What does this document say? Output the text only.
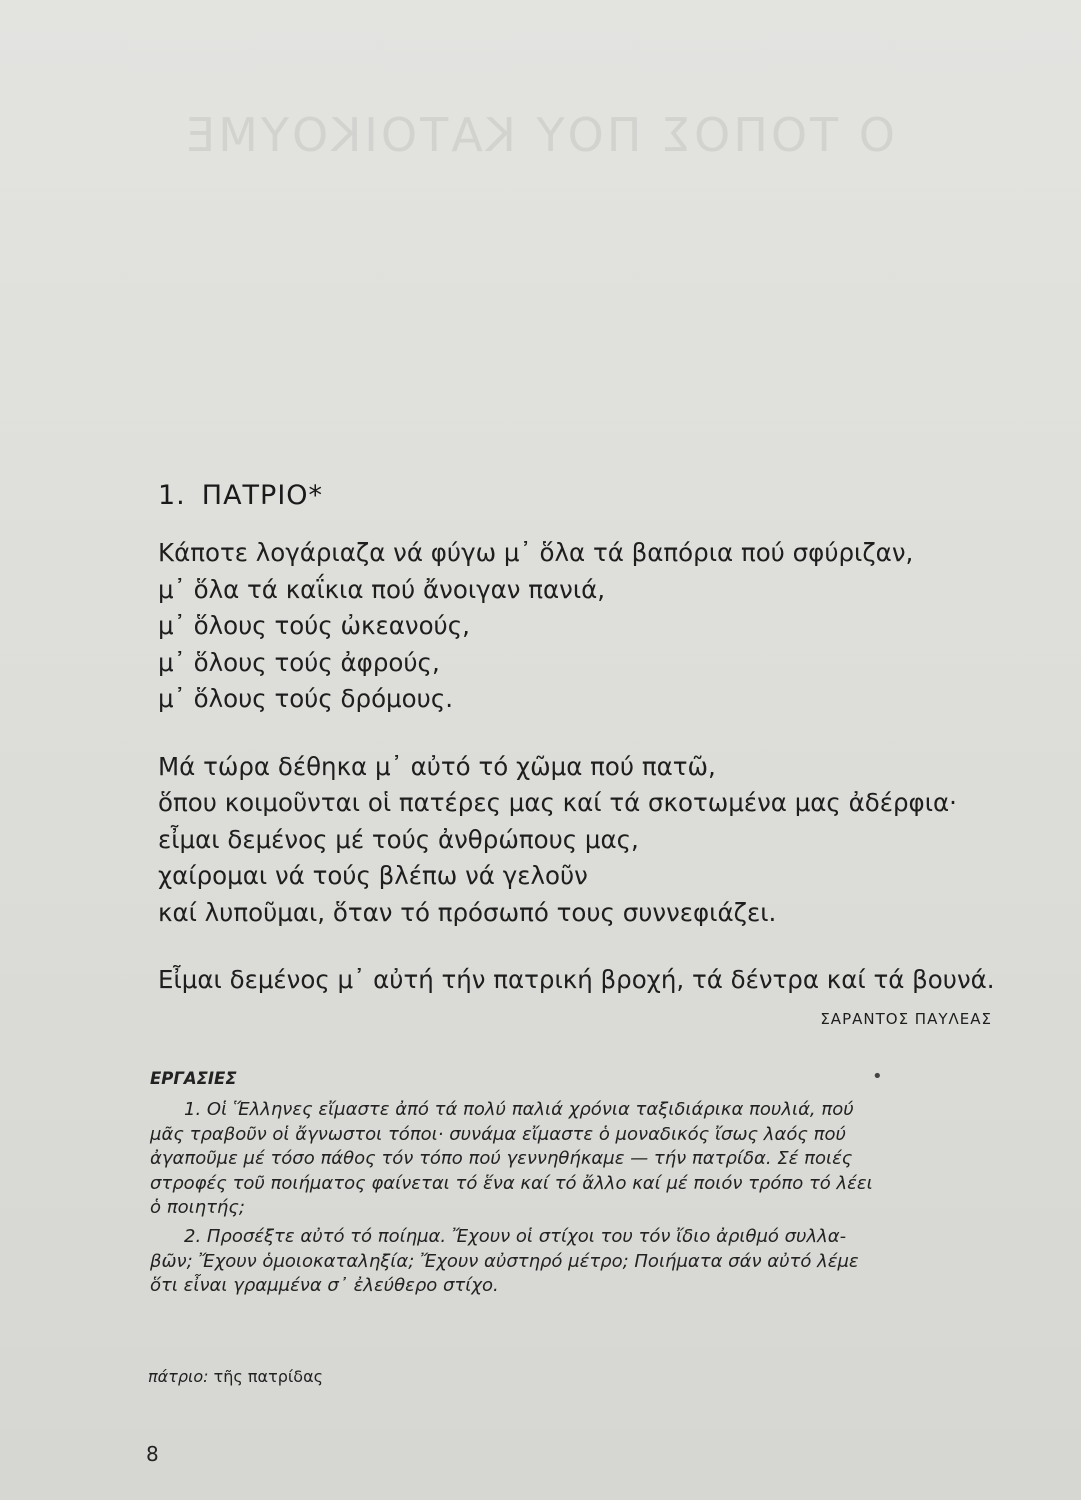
Ο ΤΟΠΟΣ ΠΟΥ ΚΑΤΟΙΚΟΥΜΕ
1. ΠΑΤΡΙΟ*

Κάποτε λογάριαζα νά φύγω μ᾿ ὅλα τά βαπόρια πού σφύριζαν,
μ᾿ ὅλα τά καΐκια πού ἄνοιγαν πανιά,
μ᾿ ὅλους τούς ὠκεανούς,
μ᾿ ὅλους τούς ἀφρούς,
μ᾿ ὅλους τούς δρόμους.

Μά τώρα δέθηκα μ᾿ αὐτό τό χῶμα πού πατῶ,
ὅπου κοιμοῦνται οἱ πατέρες μας καί τά σκοτωμένα μας ἀδέρφια·
εἶμαι δεμένος μέ τούς ἀνθρώπους μας,
χαίρομαι νά τούς βλέπω νά γελοῦν
καί λυποῦμαι, ὅταν τό πρόσωπό τους συννεφιάζει.

Εἶμαι δεμένος μ᾿ αὐτή τήν πατρική βροχή, τά δέντρα καί τά βουνά.

ΣΑΡΑΝΤΟΣ ΠΑΥΛΕΑΣ
ΕΡΓΑΣΙΕΣ	•

1. Οἱ Ἕλληνες εἴμαστε ἀπό τά πολύ παλιά χρόνια ταξιδιάρικα πουλιά, πού
μᾶς τραβοῦν οἱ ἄγνωστοι τόποι· συνάμα εἴμαστε ὁ μοναδικός ἴσως λαός πού
ἀγαποῦμε μέ τόσο πάθος τόν τόπο πού γεννηθήκαμε — τήν πατρίδα. Σέ ποιές
στροφές τοῦ ποιήματος φαίνεται τό ἕνα καί τό ἄλλο καί μέ ποιόν τρόπο τό λέει
ὁ ποιητής;

2. Προσέξτε αὐτό τό ποίημα. Ἔχουν οἱ στίχοι του τόν ἴδιο ἀριθμό συλλα-
βῶν; Ἔχουν ὁμοιοκαταληξία; Ἔχουν αὐστηρό μέτρο; Ποιήματα σάν αὐτό λέμε
ὅτι εἶναι γραμμένα σ᾿ ἐλεύθερο στίχο.

πάτριο: τῆς πατρίδας
8
